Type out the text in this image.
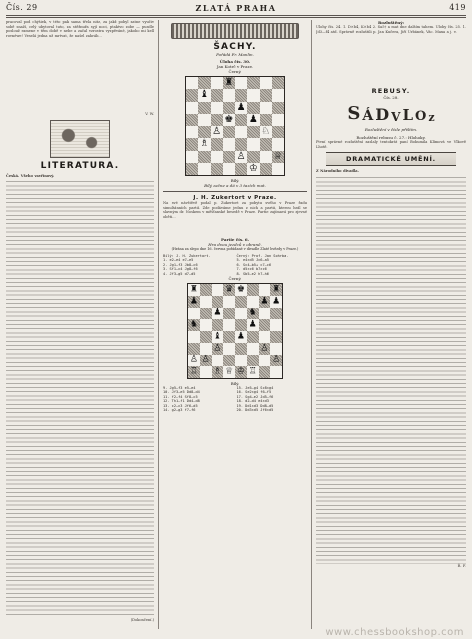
Čís. 29	ZLATÁ PRAHA	419

pracoval pod chýšiek, v této pak sama třela nitz, za jakž pobyl zatne vyučiv sobě snaží, celý ubytoval tuto, za stěžnuřa syjí noci, ptaktvo zobe — pusdle poslouž ramene v těm době v nebe a začal vzrostra vyzpěváné, jakoho mi kell rovnéwe! Veselá jedna už mrtvat, že našel zahráb...

V. W.

LITERATURA.

Česká. Všeho vavřínový.

(Dokončení.)

ŠACHY.
Pořádá Fr. Manlin.
Úloha čís. 30.
Jan Kotrč v Praze.
Černý.
♜
♝
♟
♚ ♟
♙	♘
♗
♙	♕
♔
Bílý.
Bílý začne a dá v 3 tazích mat.
J. H. Zukertort v Praze.

Na své návštěvě podal p. Zukertort za pobytu svého v Praze řadu simultánních partií. Zde podáváme jednu z nich a partii, kterou hrál se slavným dr. Noskem v měšťanské besedě v Praze. Partie zajímavá pro zjevné oběti...

Partie čís. 6.
Hra dvou jezdců v obraně.
(Hrána za slepo dne 16. června pořádané v divadle Zlaté hvězdy v Praze.)
Bílý: J. H. Zukertort.	Černý: Prof. Jan Sohrba.
1. e2—e4 e7—e5
2. Jg1—f3 Jb8—c6
3. Sf1—c4 Jg8—f6
4. Jf3—g5 d7—d5
5. e4×d5 Jc6—a5
6. Sc4—b5+ c7—c6
7. d5×c6 b7×c6
8. Sb5—e2 h7—h6
Černý.
♜	♛ ♚	♜
♟	♟ ♟
♟	♞
♞	♟
♝ ♟
♙	♙
♙ ♙	♙
♖ ♗ ♕ ♔ ♖
Bílý.
9. Jg5—f3 e5—e4
10. Jf3—e5 Dd8—d4
11. f2—f4 Sf8—c5
12. Th1—f1 Dd4—d8
13. c2—c3 Jf6—d5
14. g2—g3 f7—f6
15. Je5—g4 Sc8×g4
16. Se2×g4 f6—f5
17. Sg4—e2 Jd5—f6
18. d2—d4 e4×d3
19. Dd1×d3 Dd8—d5
20. Dd3×d5 Jf6×d5
Rozluštěný:

Úlohy čís. 24. 1. D×b4, K×b4 2. Sa5† a mat dne dalším tahem. Úlohy čís. 25. 1. Jd3—f4 atd. Správně rozluštili p. Jan Kučera, Jiří Urbánek, Vác. Maxa a j. v.

REBUSY.
Čís. 28.
S Á D V L O z
Rozluštění v čísle příštím.
Rozluštění rebusu č. 27.: Hlohoky.

Ptvní správné rozluštění zaslaly tentokrát paní Bohumila Klímová ve Vlkově Lhotě.

DRAMATICKÉ UMĚNÍ.

Z Národního divadla.

Ř. F.

www.chessbookshop.com
